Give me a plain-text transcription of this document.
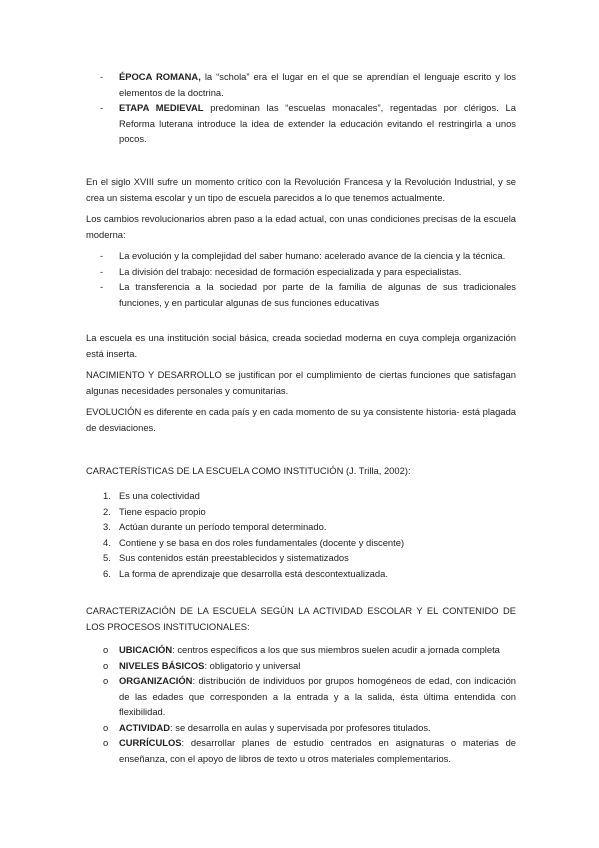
- ÉPOCA ROMANA, la “schola” era el lugar en el que se aprendían el lenguaje escrito y los elementos de la doctrina.
- ETAPA MEDIEVAL predominan las “escuelas monacales”, regentadas por clérigos. La Reforma luterana introduce la idea de extender la educación evitando el restringirla a unos pocos.

En el siglo XVIII sufre un momento crítico con la Revolución Francesa y la Revolución Industrial, y se crea un sistema escolar y un tipo de escuela parecidos a lo que tenemos actualmente.

Los cambios revolucionarios abren paso a la edad actual, con unas condiciones precisas de la escuela moderna:

- La evolución y la complejidad del saber humano: acelerado avance de la ciencia y la técnica.
- La división del trabajo: necesidad de formación especializada y para especialistas.
- La transferencia a la sociedad por parte de la familia de algunas de sus tradicionales funciones, y en particular algunas de sus funciones educativas

La escuela es una institución social básica, creada sociedad moderna en cuya compleja organización está inserta.

NACIMIENTO Y DESARROLLO se justifican por el cumplimiento de ciertas funciones que satisfagan algunas necesidades personales y comunitarias.

EVOLUCIÓN es diferente en cada país y en cada momento de su ya consistente historia- está plagada de desviaciones.

CARACTERÍSTICAS DE LA ESCUELA COMO INSTITUCIÓN (J. Trilla, 2002):

1. Es una colectividad
2. Tiene espacio propio
3. Actúan durante un período temporal determinado.
4. Contiene y se basa en dos roles fundamentales (docente y discente)
5. Sus contenidos están preestablecidos y sistematizados
6. La forma de aprendizaje que desarrolla está descontextualizada.

CARACTERIZACIÓN DE LA ESCUELA SEGÚN LA ACTIVIDAD ESCOLAR Y EL CONTENIDO DE LOS PROCESOS INSTITUCIONALES:

o UBICACIÓN: centros específicos a los que sus miembros suelen acudir a jornada completa
o NIVELES BÁSICOS: obligatorio y universal
o ORGANIZACIÓN: distribución de individuos por grupos homogéneos de edad, con indicación de las edades que corresponden a la entrada y a la salida, ésta última entendida con flexibilidad.
o ACTIVIDAD: se desarrolla en aulas y supervisada por profesores titulados.
o CURRÍCULOS: desarrollar planes de estudio centrados en asignaturas o materias de enseñanza, con el apoyo de libros de texto u otros materiales complementarios.
